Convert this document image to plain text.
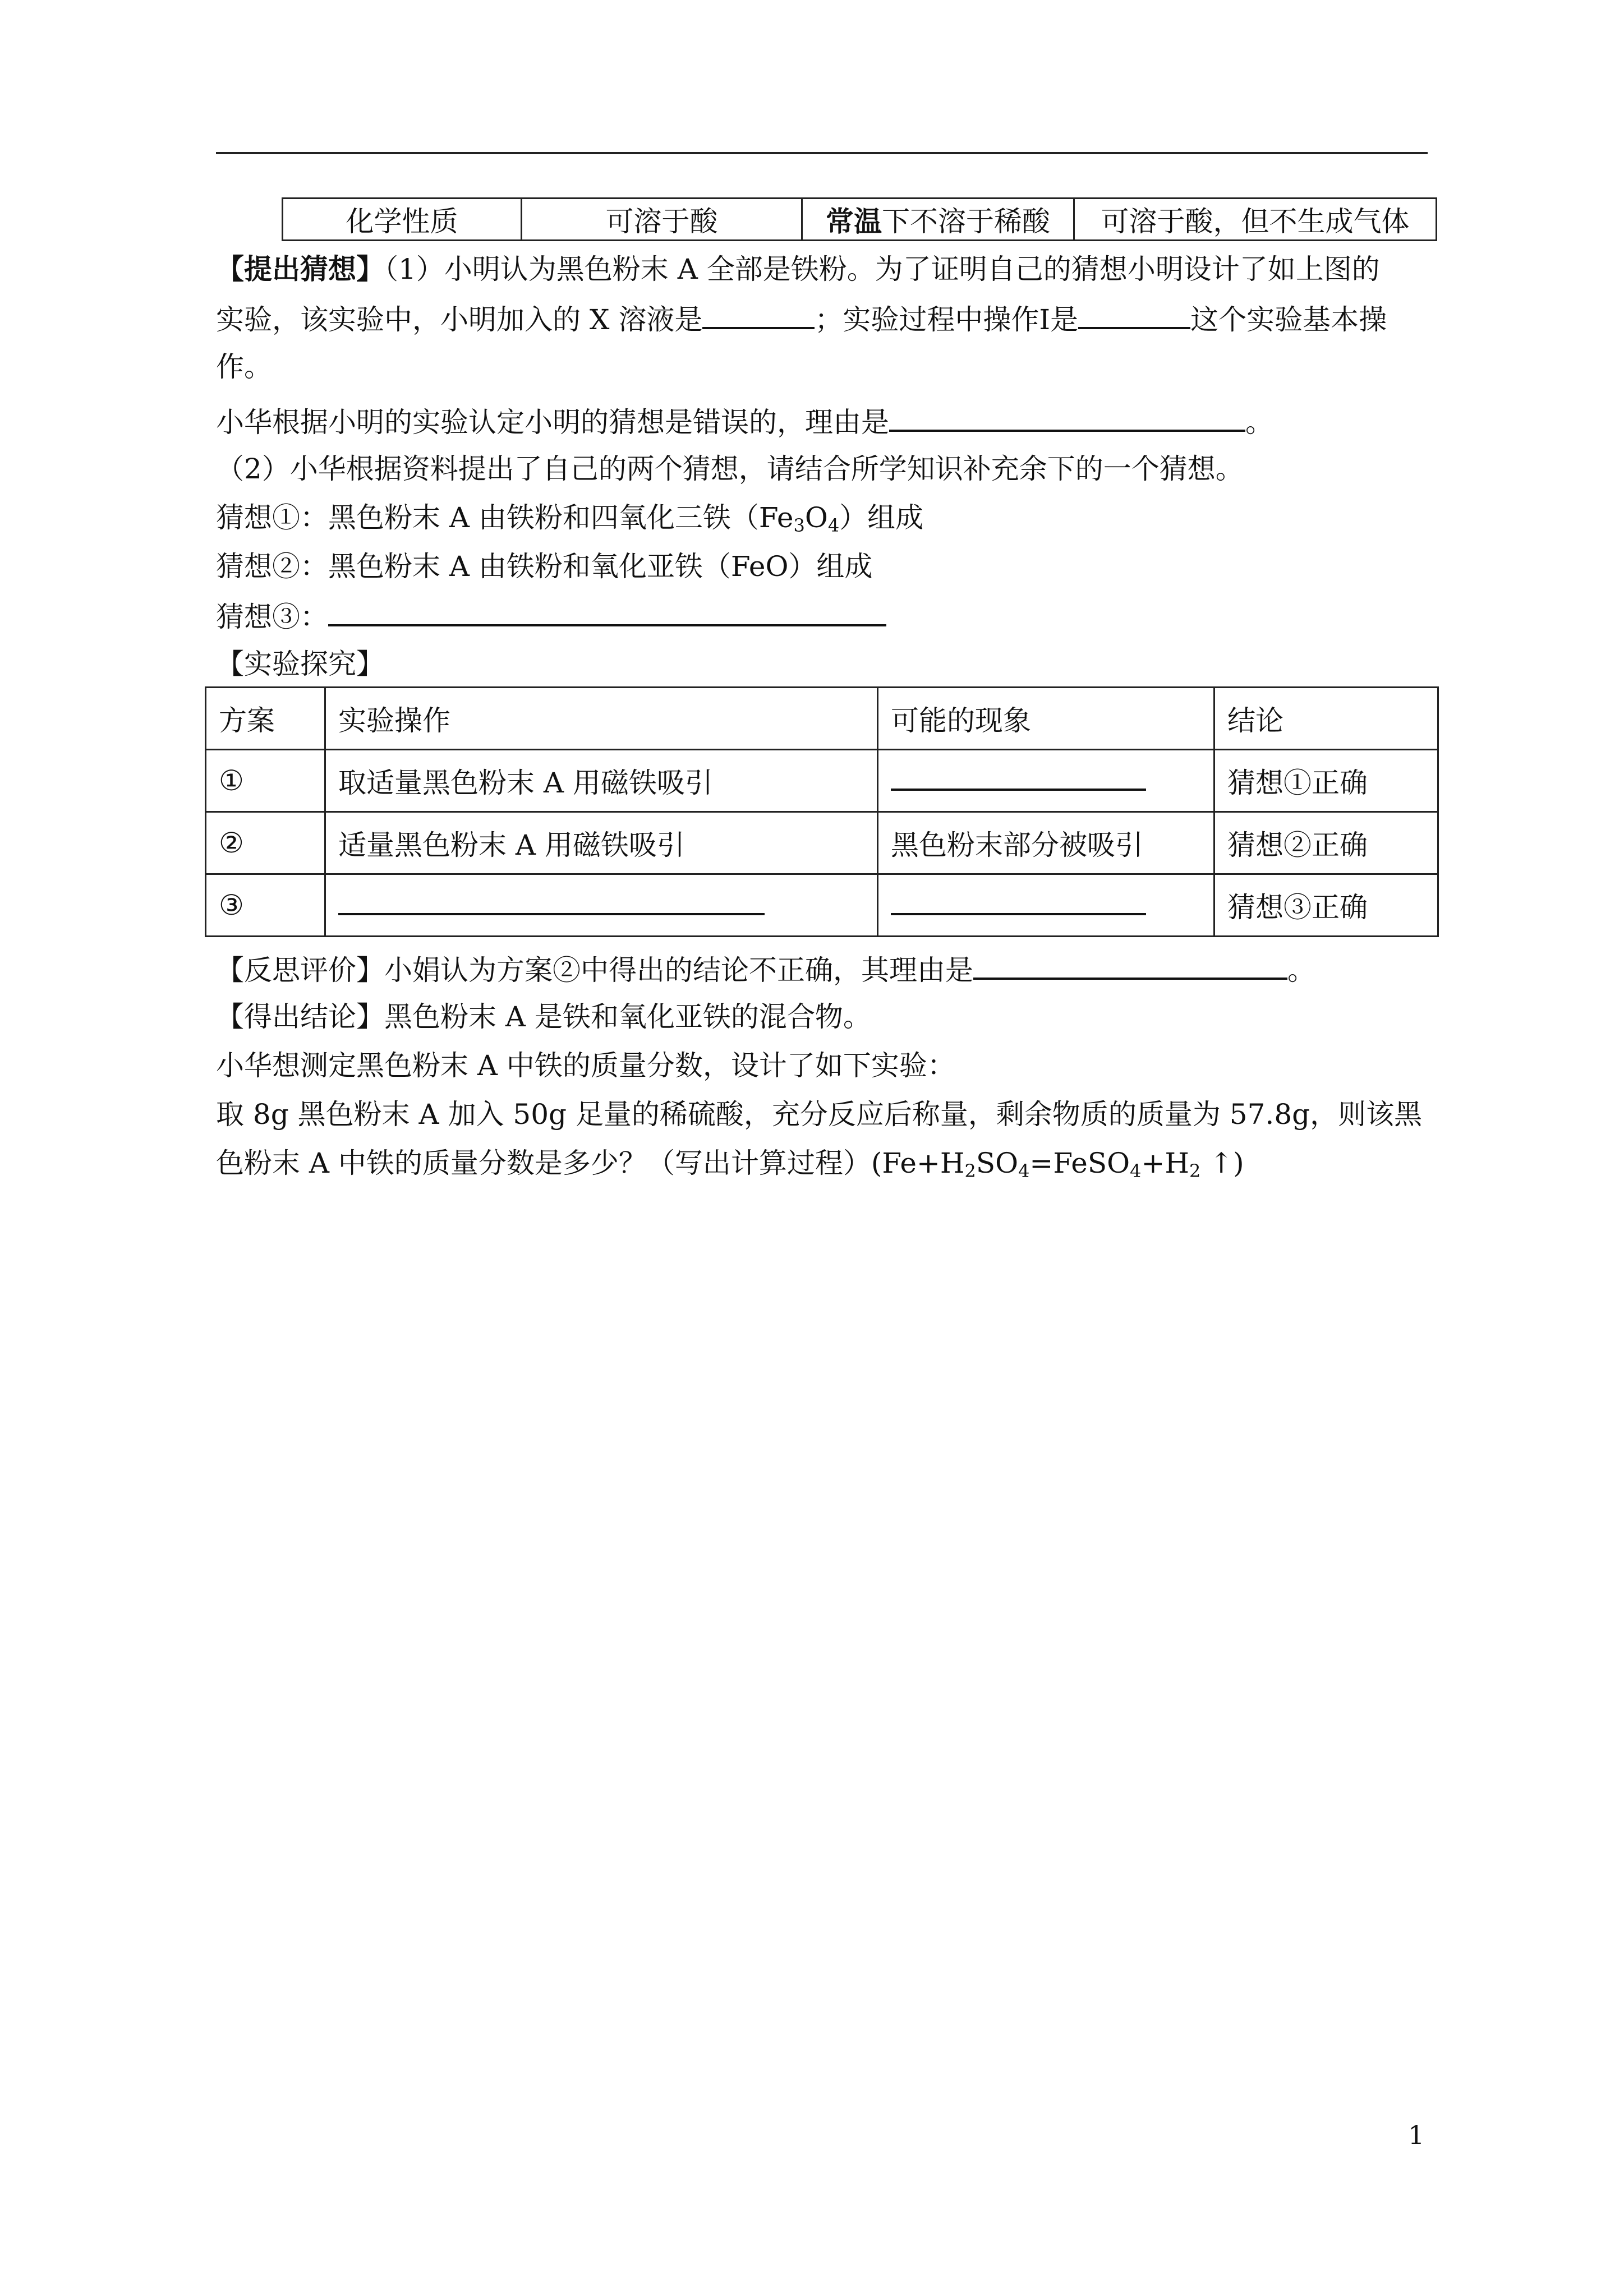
化学性质	可溶于酸	常温下不溶于稀酸	可溶于酸，但不生成气体
【提出猜想】（1）小明认为黑色粉末 A 全部是铁粉。为了证明自己的猜想小明设计了如上图的
实验，该实验中，小明加入的 X 溶液是	；实验过程中操作Ⅰ是	这个实验基本操
作。
小华根据小明的实验认定小明的猜想是错误的，理由是	。
（2）小华根据资料提出了自己的两个猜想，请结合所学知识补充余下的一个猜想。
猜想①：黑色粉末 A 由铁粉和四氧化三铁$(Fe_3O_4)$组成
猜想②：黑色粉末 A 由铁粉和氧化亚铁（FeO）组成
猜想③：
【实验探究】
方案	实验操作	可能的现象	结论
①	取适量黑色粉末 A 用磁铁吸引		猜想①正确
②	适量黑色粉末 A 用磁铁吸引	黑色粉末部分被吸引	猜想②正确
③			猜想③正确
【反思评价】小娟认为方案②中得出的结论不正确，其理由是	。
【得出结论】黑色粉末 A 是铁和氧化亚铁的混合物。
小华想测定黑色粉末 A 中铁的质量分数，设计了如下实验：
取 8g 黑色粉末 A 加入 50g 足量的稀硫酸，充分反应后称量，剩余物质的质量为 57.8g，则该黑
色粉末 A 中铁的质量分数是多少？（写出计算过程）($Fe+H_2SO_4=FeSO_4+H_2$ ↑)
1
